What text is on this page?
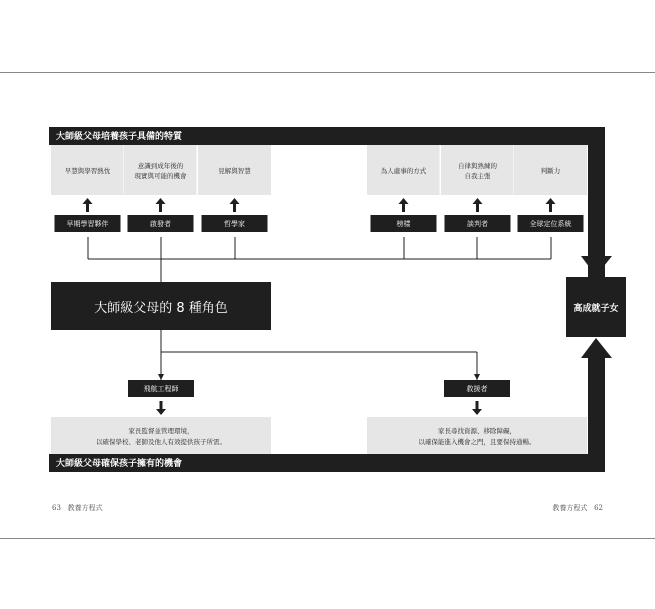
大師級父母培養孩子具備的特質
大師級父母確保孩子擁有的機會
大師級父母的 8 種角色	高成就子女
早慧與學習熱忱
意識到成年後的
現實與可能的機會
見解與智慧	為人處事的方式
自律與熟練的
自我主張
判斷力
早期學習夥伴	啟發者	哲學家	榜樣	談判者	全球定位系統
飛航工程師
家長監督並管理環境，
以確保學校、老師及他人有效提供孩子所需。
救援者
家長尋找資源、移除障礙，
以確保能進入機會之門，且要保持通暢。
63 教養方程式	教養方程式 62
